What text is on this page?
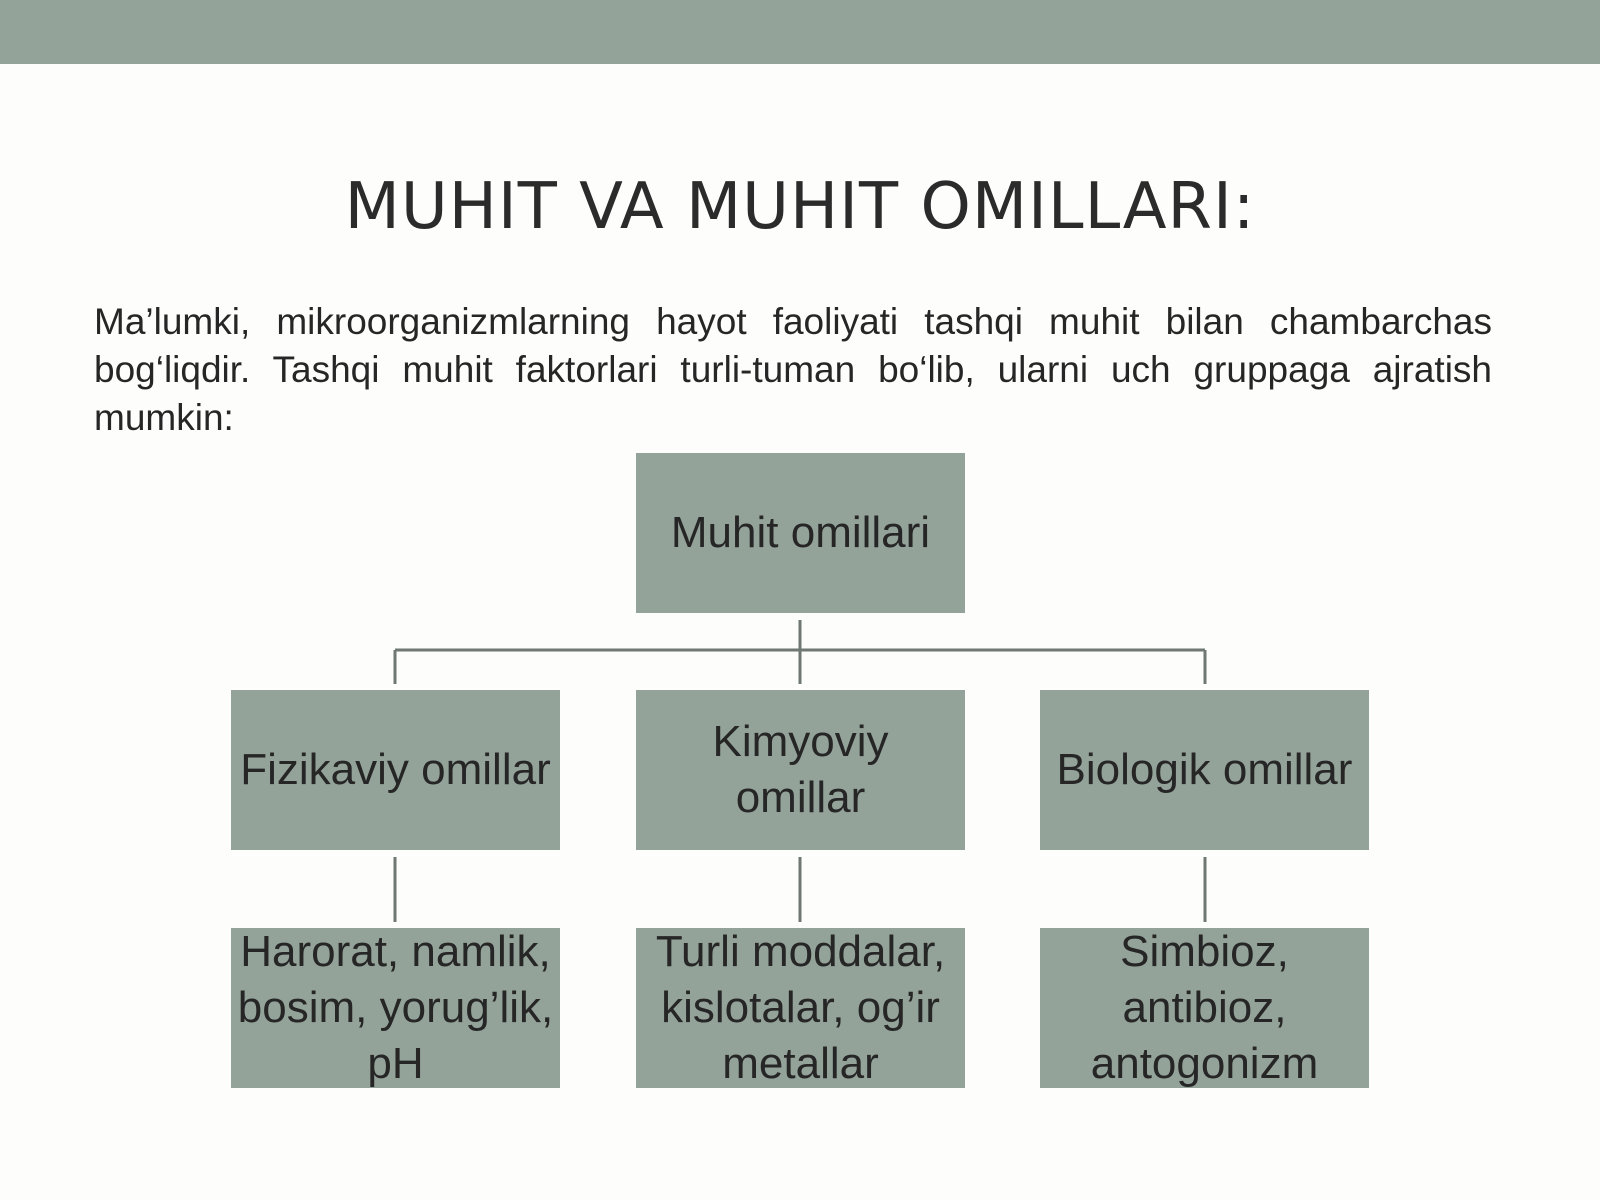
MUHIT VA MUHIT OMILLARI:
Ma’lumki, mikroorganizmlarning hayot faoliyati tashqi muhit bilan chambarchas bog‘liqdir. Tashqi muhit faktorlari turli-tuman bo‘lib, ularni uch gruppaga ajratish mumkin:
Muhit omillari
Fizikaviy omillar
Kimyoviy omillar
Biologik omillar
Harorat, namlik, bosim, yorug’lik, pH
Turli moddalar, kislotalar, og’ir metallar
Simbioz, antibioz, antogonizm
